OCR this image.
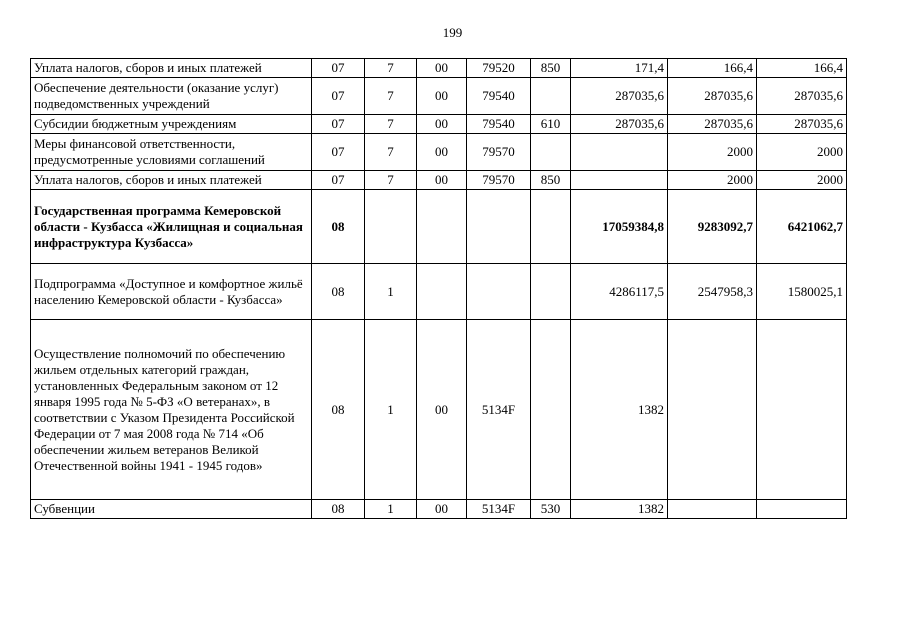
199
Уплата налогов, сборов и иных платежей	07	7	00	79520	850	171,4	166,4	166,4
Обеспечение деятельности (оказание услуг) подведомственных учреждений	07	7	00	79540		287035,6	287035,6	287035,6
Субсидии бюджетным учреждениям	07	7	00	79540	610	287035,6	287035,6	287035,6
Меры финансовой ответственности, предусмотренные условиями соглашений	07	7	00	79570			2000	2000
Уплата налогов, сборов и иных платежей	07	7	00	79570	850		2000	2000
Государственная программа Кемеровской области - Кузбасса «Жилищная и социальная инфраструктура Кузбасса»	08					17059384,8	9283092,7	6421062,7
Подпрограмма «Доступное и комфортное жильё населению Кемеровской области - Кузбасса»	08	1				4286117,5	2547958,3	1580025,1
Осуществление полномочий по обеспечению жильем отдельных категорий граждан, установленных Федеральным законом от 12 января 1995 года № 5-ФЗ «О ветеранах», в соответствии с Указом Президента Российской Федерации от 7 мая 2008 года № 714 «Об обеспечении жильем ветеранов Великой Отечественной войны 1941 - 1945 годов»	08	1	00	5134F		1382		
Субвенции	08	1	00	5134F	530	1382		
